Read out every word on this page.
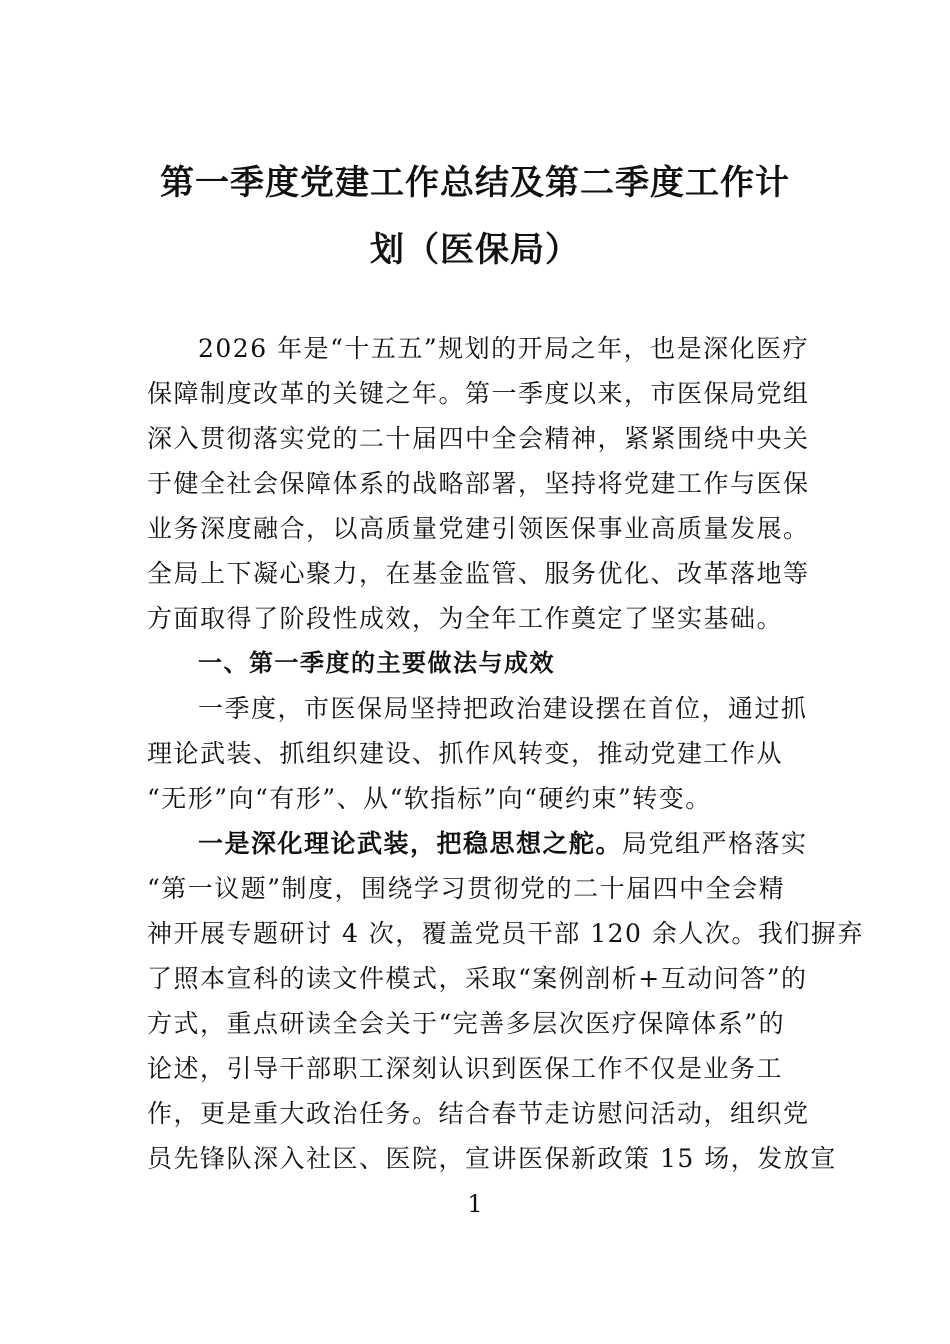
第一季度党建工作总结及第二季度工作计
划（医保局）

2026 年是“十五五”规划的开局之年，也是深化医疗

保障制度改革的关键之年。第一季度以来，市医保局党组

深入贯彻落实党的二十届四中全会精神，紧紧围绕中央关

于健全社会保障体系的战略部署，坚持将党建工作与医保

业务深度融合，以高质量党建引领医保事业高质量发展。

全局上下凝心聚力，在基金监管、服务优化、改革落地等

方面取得了阶段性成效，为全年工作奠定了坚实基础。

一、第一季度的主要做法与成效

一季度，市医保局坚持把政治建设摆在首位，通过抓

理论武装、抓组织建设、抓作风转变，推动党建工作从

“无形”向“有形”、从“软指标”向“硬约束”转变。

一是深化理论武装，把稳思想之舵。局党组严格落实

“第一议题”制度，围绕学习贯彻党的二十届四中全会精

神开展专题研讨 4 次，覆盖党员干部 120 余人次。我们摒弃

了照本宣科的读文件模式，采取“案例剖析+互动问答”的

方式，重点研读全会关于“完善多层次医疗保障体系”的

论述，引导干部职工深刻认识到医保工作不仅是业务工

作，更是重大政治任务。结合春节走访慰问活动，组织党

员先锋队深入社区、医院，宣讲医保新政策 15 场，发放宣

1
